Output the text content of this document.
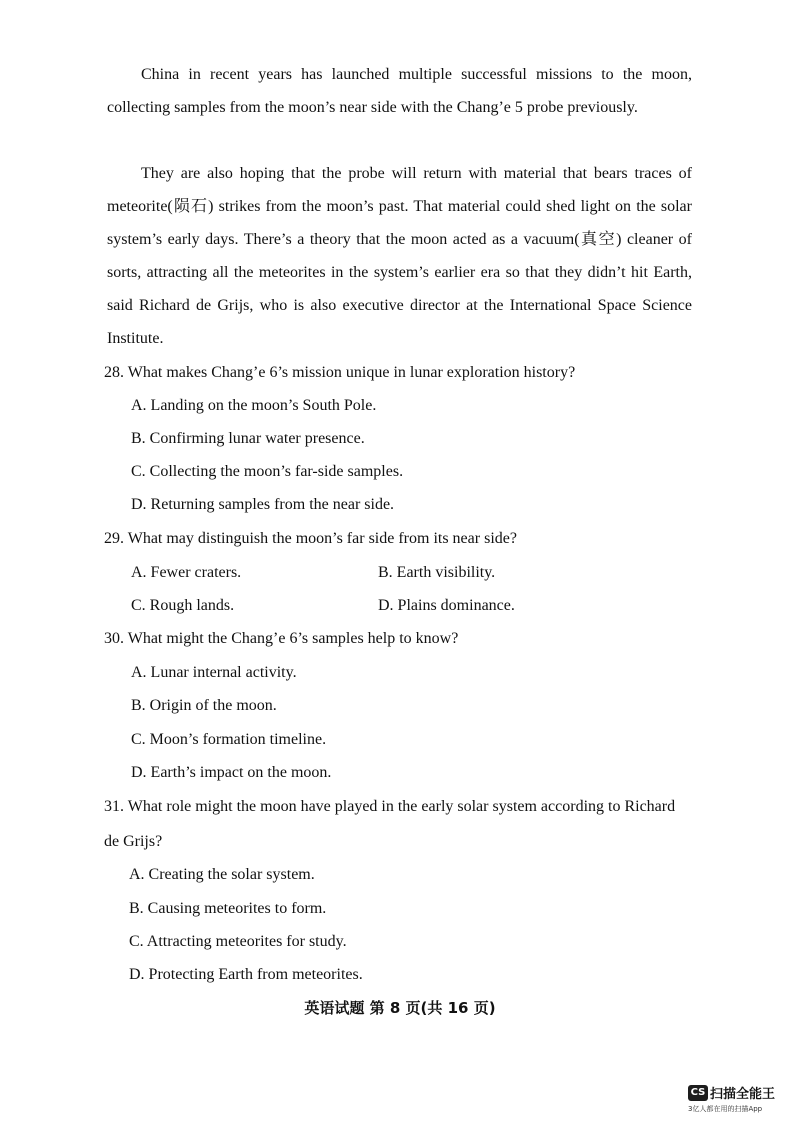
China in recent years has launched multiple successful missions to the moon, collecting samples from the moon’s near side with the Chang’e 5 probe previously.
They are also hoping that the probe will return with material that bears traces of meteorite(陨石) strikes from the moon’s past. That material could shed light on the solar system’s early days. There’s a theory that the moon acted as a vacuum(真空) cleaner of sorts, attracting all the meteorites in the system’s earlier era so that they didn’t hit Earth, said Richard de Grijs, who is also executive director at the International Space Science Institute.
28. What makes Chang’e 6’s mission unique in lunar exploration history?
A. Landing on the moon’s South Pole.
B. Confirming lunar water presence.
C. Collecting the moon’s far-side samples.
D. Returning samples from the near side.
29. What may distinguish the moon’s far side from its near side?
A. Fewer craters.	B. Earth visibility.
C. Rough lands.	D. Plains dominance.
30. What might the Chang’e 6’s samples help to know?
A. Lunar internal activity.
B. Origin of the moon.
C. Moon’s formation timeline.
D. Earth’s impact on the moon.
31. What role might the moon have played in the early solar system according to Richard de Grijs?
A. Creating the solar system.
B. Causing meteorites to form.
C. Attracting meteorites for study.
D. Protecting Earth from meteorites.
英语试题 第 8 页(共 16 页)
CS 扫描全能王
3亿人都在用的扫描App
